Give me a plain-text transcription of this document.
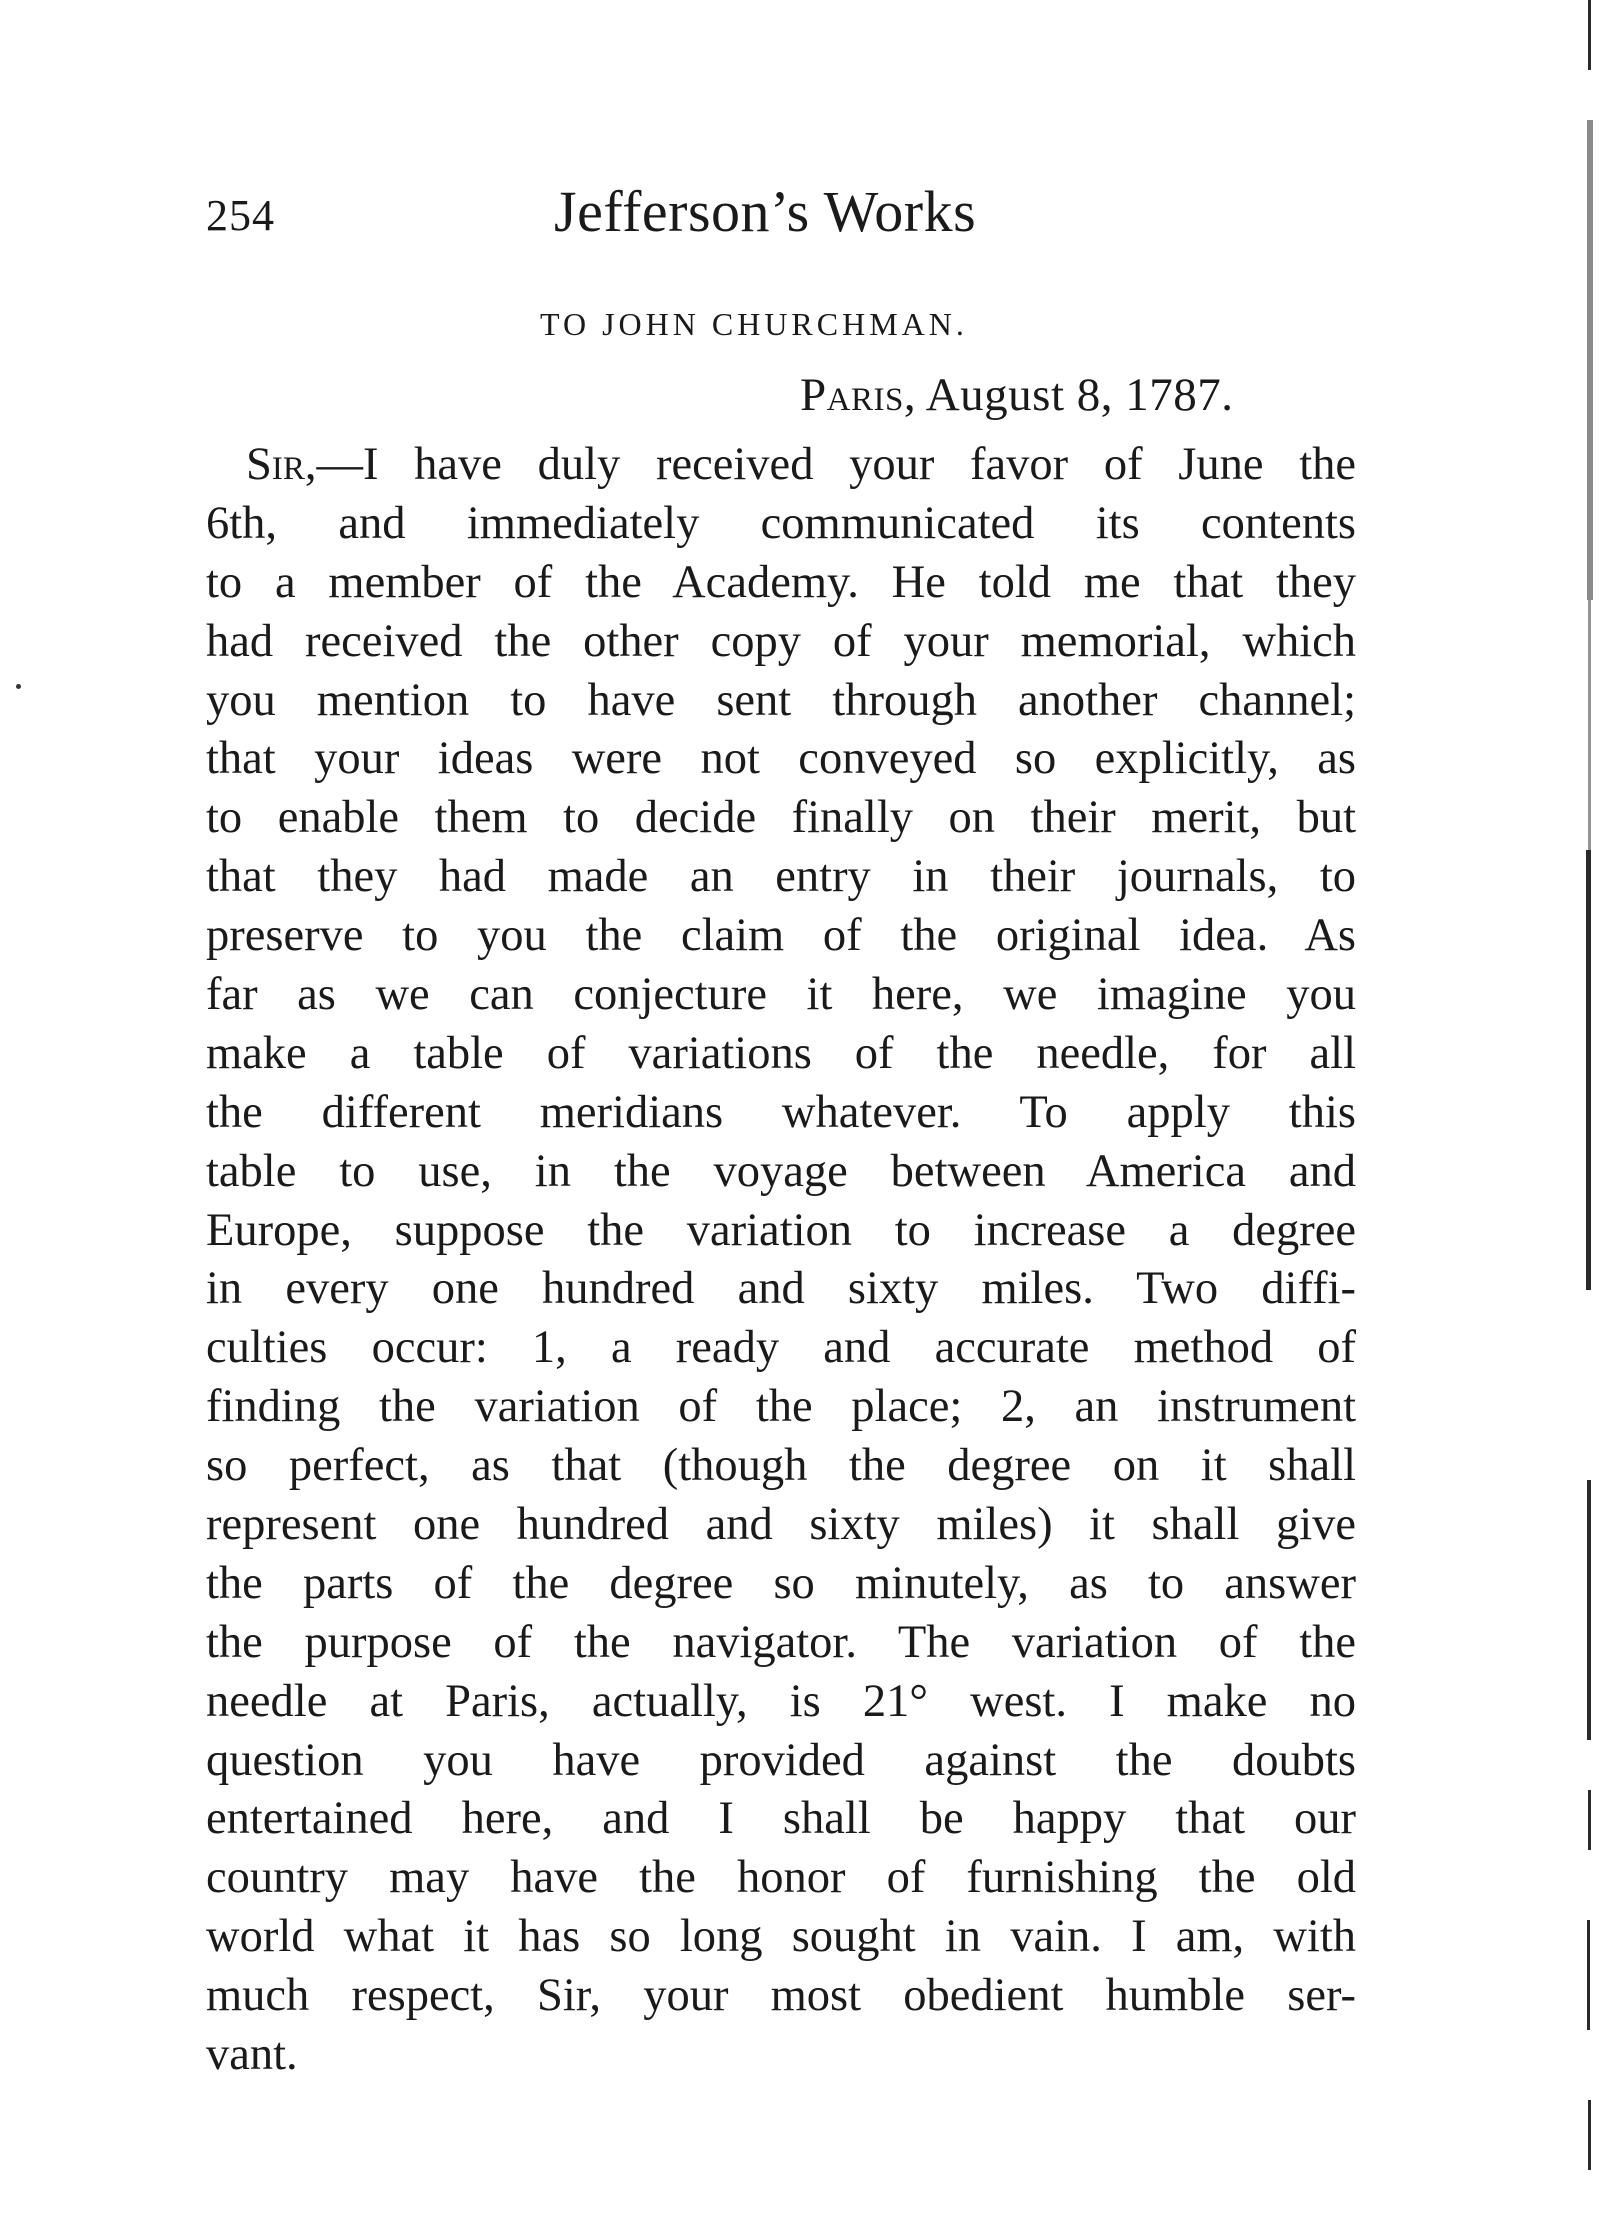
254	Jefferson’s Works
TO JOHN CHURCHMAN.
Paris, August 8, 1787.
Sir,—I have duly received your favor of June the
6th, and immediately communicated its contents
to a member of the Academy. He told me that they
had received the other copy of your memorial, which
you mention to have sent through another channel;
that your ideas were not conveyed so explicitly, as
to enable them to decide finally on their merit, but
that they had made an entry in their journals, to
preserve to you the claim of the original idea. As
far as we can conjecture it here, we imagine you
make a table of variations of the needle, for all
the different meridians whatever. To apply this
table to use, in the voyage between America and
Europe, suppose the variation to increase a degree
in every one hundred and sixty miles. Two diffi-
culties occur: 1, a ready and accurate method of
finding the variation of the place; 2, an instrument
so perfect, as that (though the degree on it shall
represent one hundred and sixty miles) it shall give
the parts of the degree so minutely, as to answer
the purpose of the navigator. The variation of the
needle at Paris, actually, is 21° west. I make no
question you have provided against the doubts
entertained here, and I shall be happy that our
country may have the honor of furnishing the old
world what it has so long sought in vain. I am, with
much respect, Sir, your most obedient humble ser-
vant.
